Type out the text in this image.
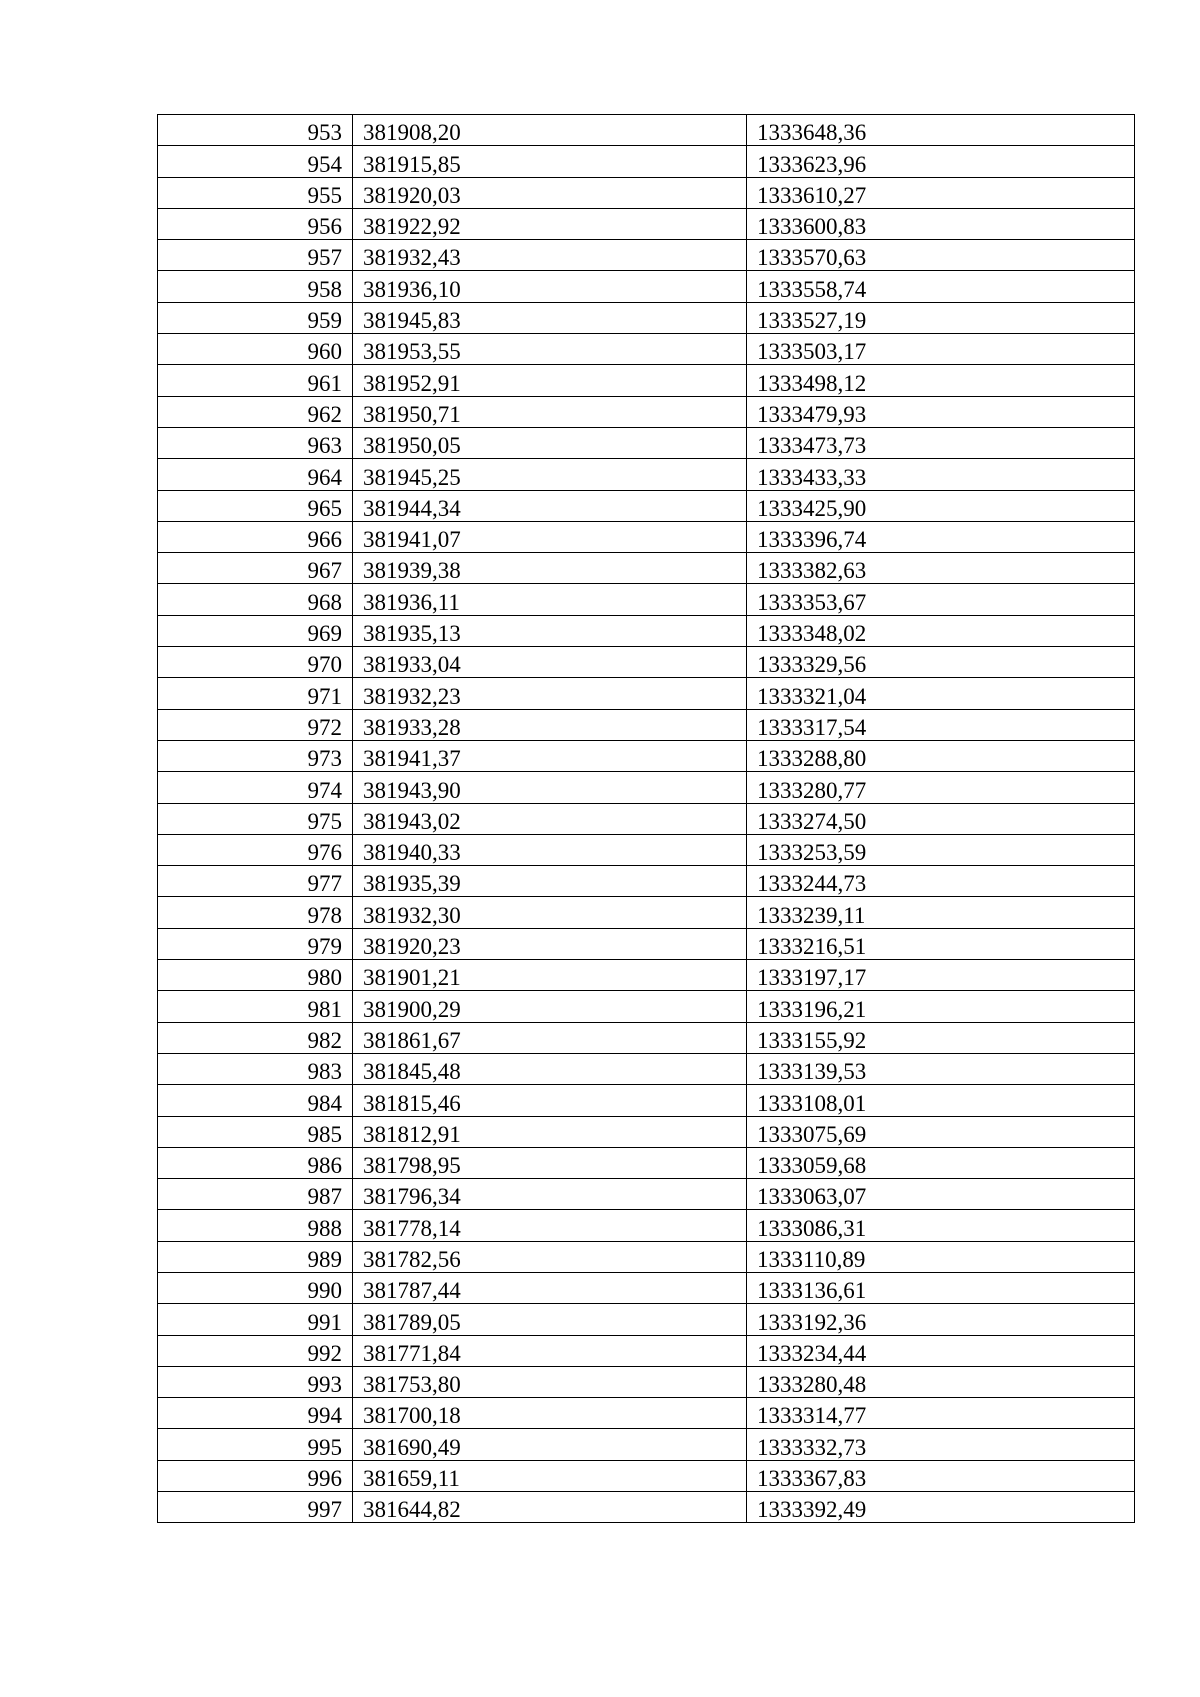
953	381908,20	1333648,36
954	381915,85	1333623,96
955	381920,03	1333610,27
956	381922,92	1333600,83
957	381932,43	1333570,63
958	381936,10	1333558,74
959	381945,83	1333527,19
960	381953,55	1333503,17
961	381952,91	1333498,12
962	381950,71	1333479,93
963	381950,05	1333473,73
964	381945,25	1333433,33
965	381944,34	1333425,90
966	381941,07	1333396,74
967	381939,38	1333382,63
968	381936,11	1333353,67
969	381935,13	1333348,02
970	381933,04	1333329,56
971	381932,23	1333321,04
972	381933,28	1333317,54
973	381941,37	1333288,80
974	381943,90	1333280,77
975	381943,02	1333274,50
976	381940,33	1333253,59
977	381935,39	1333244,73
978	381932,30	1333239,11
979	381920,23	1333216,51
980	381901,21	1333197,17
981	381900,29	1333196,21
982	381861,67	1333155,92
983	381845,48	1333139,53
984	381815,46	1333108,01
985	381812,91	1333075,69
986	381798,95	1333059,68
987	381796,34	1333063,07
988	381778,14	1333086,31
989	381782,56	1333110,89
990	381787,44	1333136,61
991	381789,05	1333192,36
992	381771,84	1333234,44
993	381753,80	1333280,48
994	381700,18	1333314,77
995	381690,49	1333332,73
996	381659,11	1333367,83
997	381644,82	1333392,49
